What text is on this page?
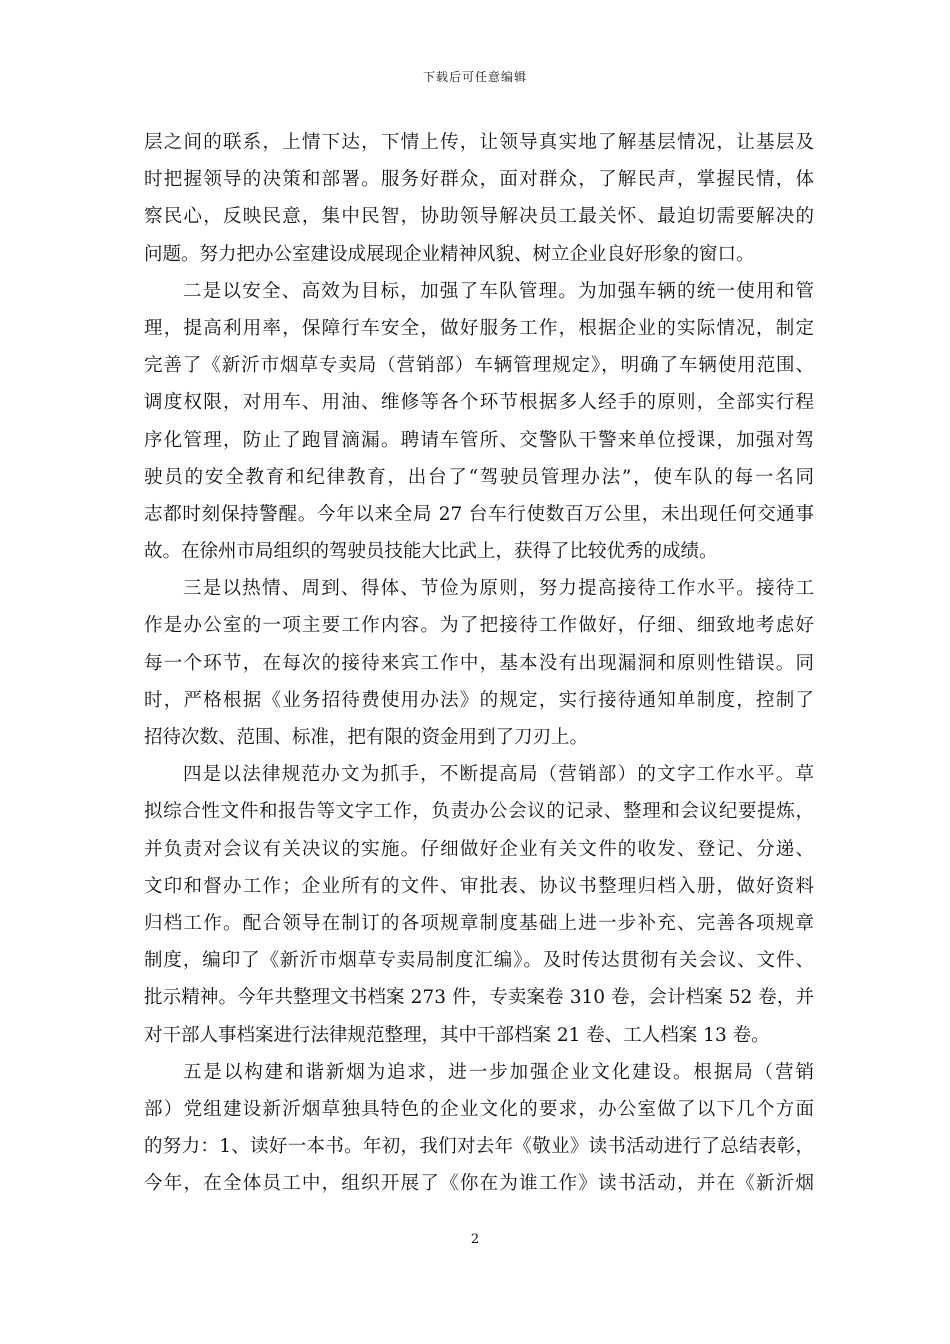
下载后可任意编辑
层之间的联系，上情下达，下情上传，让领导真实地了解基层情况，让基层及
时把握领导的决策和部署。服务好群众，面对群众，了解民声，掌握民情，体
察民心，反映民意，集中民智，协助领导解决员工最关怀、最迫切需要解决的
问题。努力把办公室建设成展现企业精神风貌、树立企业良好形象的窗口。
二是以安全、高效为目标，加强了车队管理。为加强车辆的统一使用和管
理，提高利用率，保障行车安全，做好服务工作，根据企业的实际情况，制定
完善了《新沂市烟草专卖局（营销部）车辆管理规定》，明确了车辆使用范围、
调度权限，对用车、用油、维修等各个环节根据多人经手的原则，全部实行程
序化管理，防止了跑冒滴漏。聘请车管所、交警队干警来单位授课，加强对驾
驶员的安全教育和纪律教育，出台了“驾驶员管理办法”，使车队的每一名同
志都时刻保持警醒。今年以来全局 27 台车行使数百万公里，未出现任何交通事
故。在徐州市局组织的驾驶员技能大比武上，获得了比较优秀的成绩。
三是以热情、周到、得体、节俭为原则，努力提高接待工作水平。接待工
作是办公室的一项主要工作内容。为了把接待工作做好，仔细、细致地考虑好
每一个环节，在每次的接待来宾工作中，基本没有出现漏洞和原则性错误。同
时，严格根据《业务招待费使用办法》的规定，实行接待通知单制度，控制了
招待次数、范围、标准，把有限的资金用到了刀刃上。
四是以法律规范办文为抓手，不断提高局（营销部）的文字工作水平。草
拟综合性文件和报告等文字工作，负责办公会议的记录、整理和会议纪要提炼，
并负责对会议有关决议的实施。仔细做好企业有关文件的收发、登记、分递、
文印和督办工作；企业所有的文件、审批表、协议书整理归档入册，做好资料
归档工作。配合领导在制订的各项规章制度基础上进一步补充、完善各项规章
制度，编印了《新沂市烟草专卖局制度汇编》。及时传达贯彻有关会议、文件、
批示精神。今年共整理文书档案 273 件，专卖案卷 310 卷，会计档案 52 卷，并
对干部人事档案进行法律规范整理，其中干部档案 21 卷、工人档案 13 卷。
五是以构建和谐新烟为追求，进一步加强企业文化建设。根据局（营销
部）党组建设新沂烟草独具特色的企业文化的要求，办公室做了以下几个方面
的努力：1、读好一本书。年初，我们对去年《敬业》读书活动进行了总结表彰，
今年，在全体员工中，组织开展了《你在为谁工作》读书活动，并在《新沂烟
2
